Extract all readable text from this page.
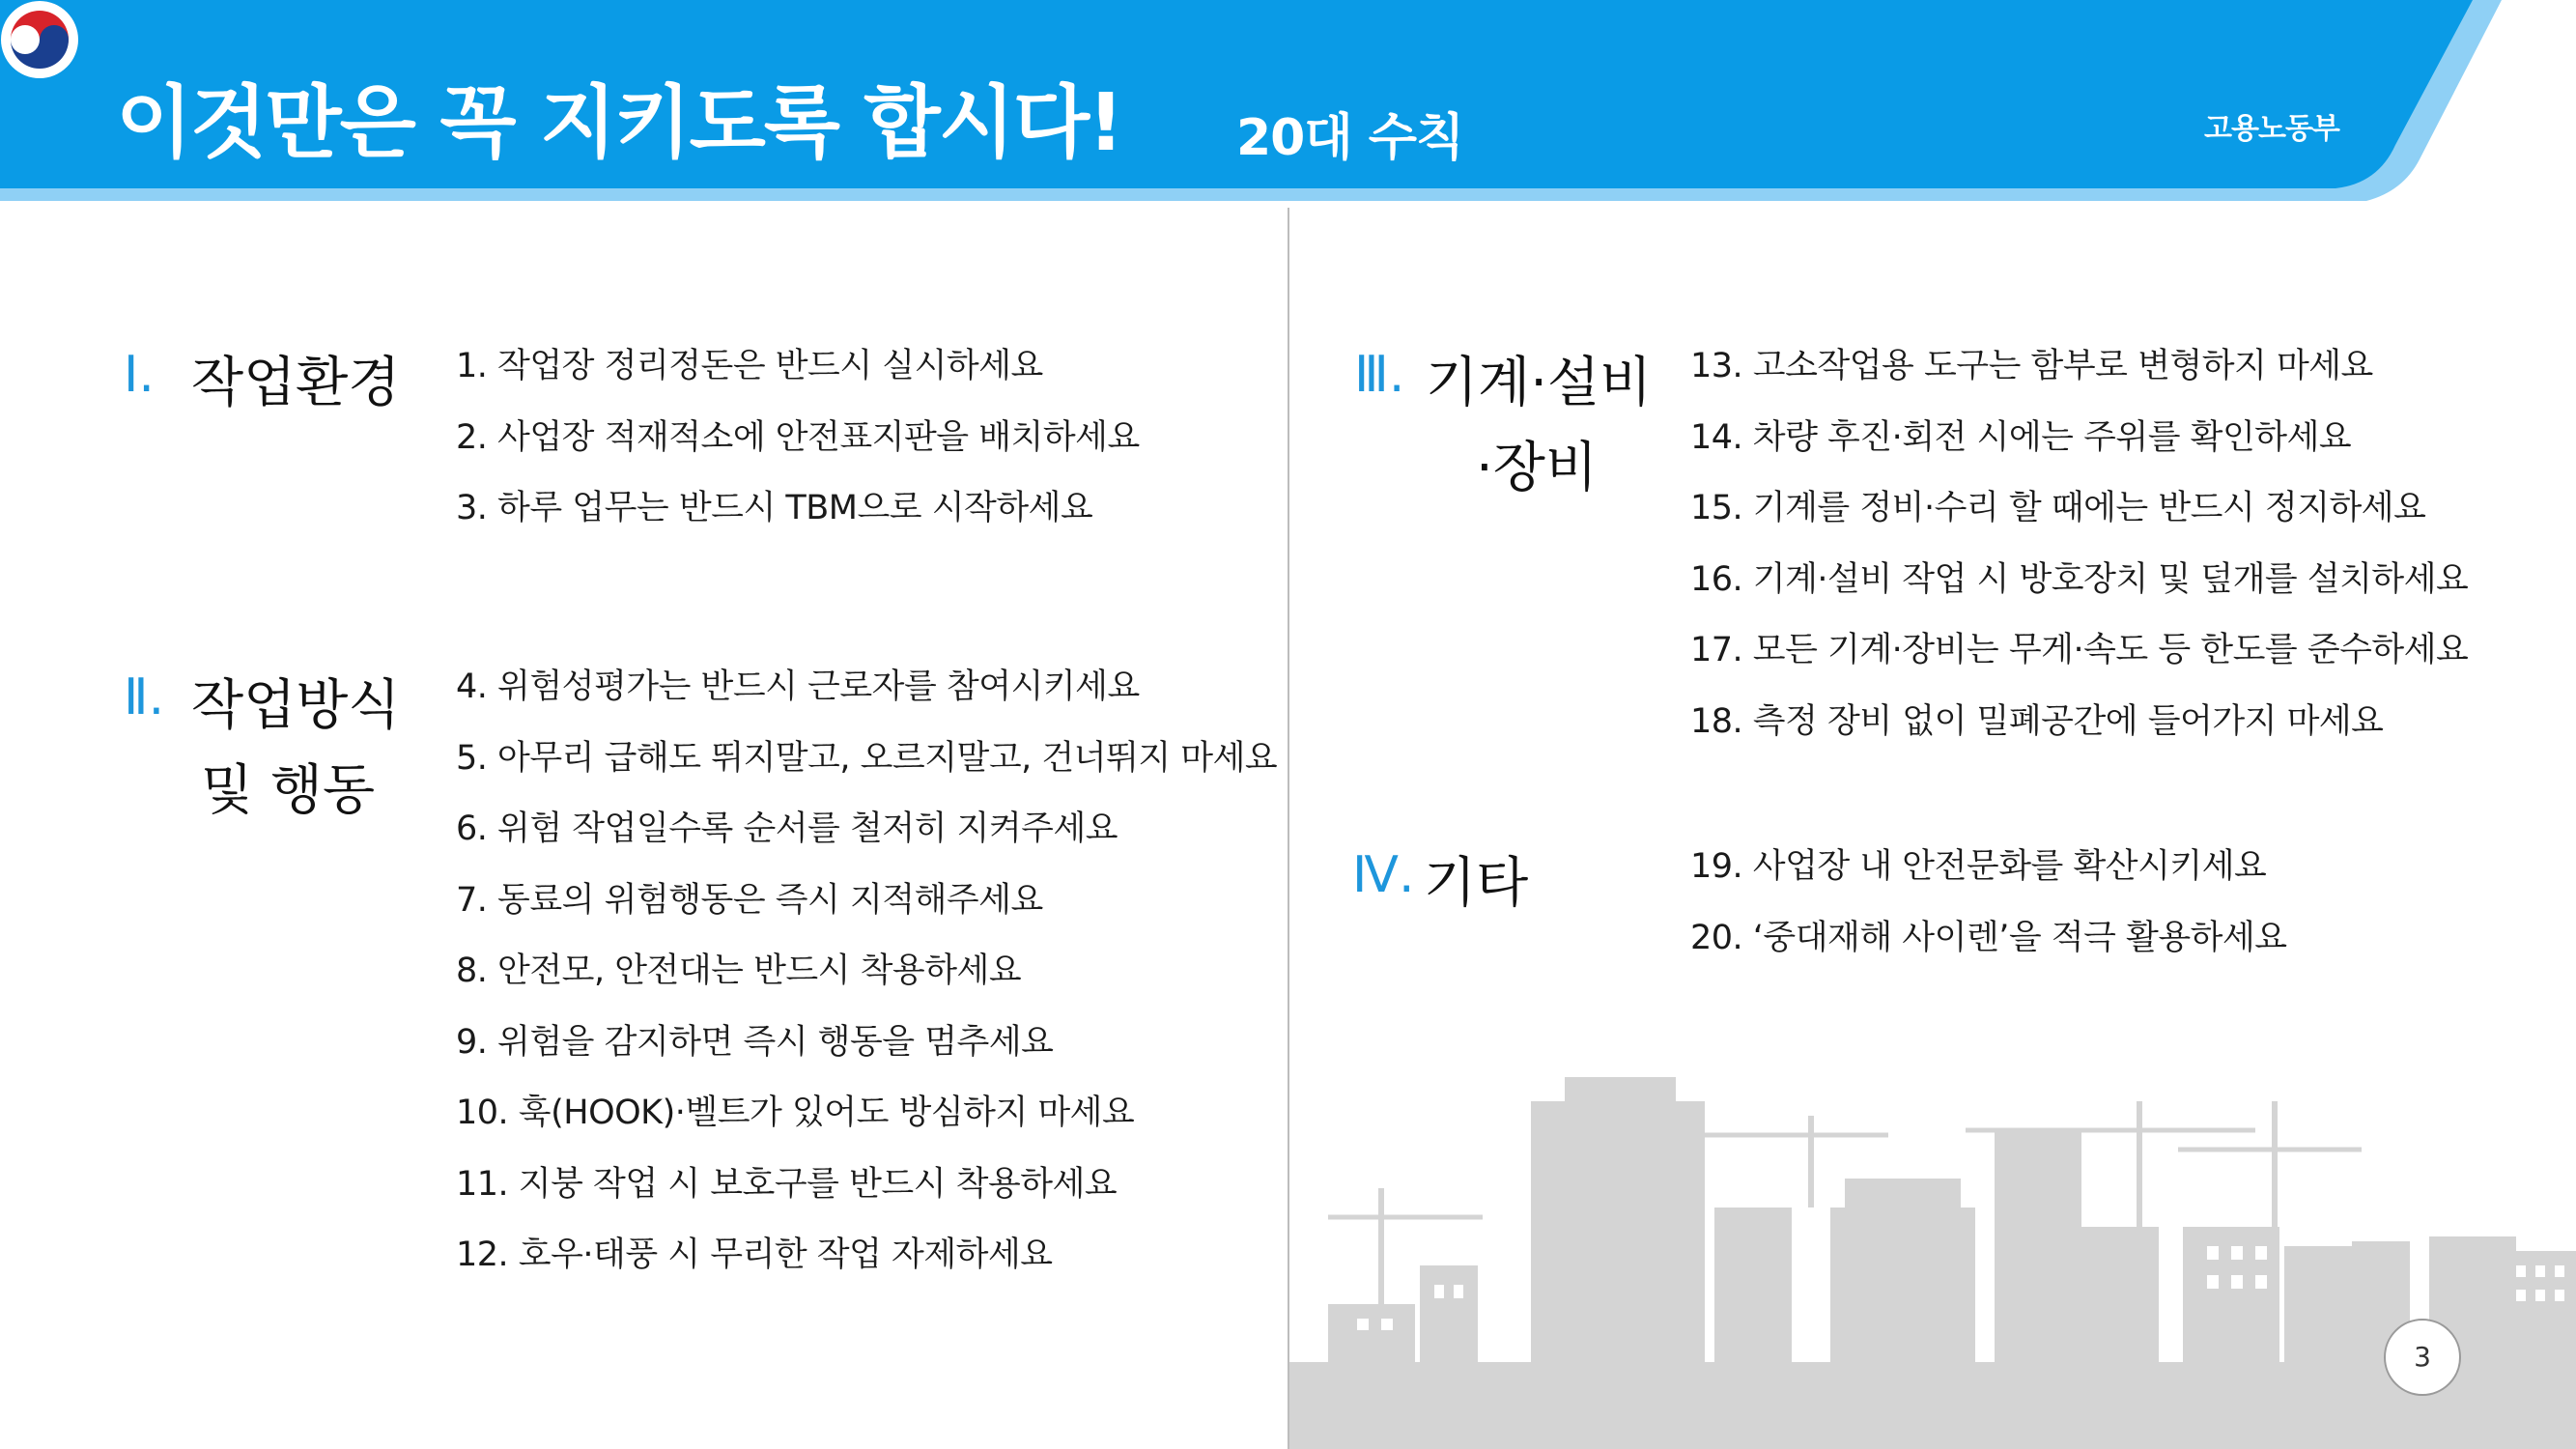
이것만은 꼭 지키도록 합시다! 20대 수칙	고용노동부
Ⅰ. 작업환경 1. 작업장 정리정돈은 반드시 실시하세요
2. 사업장 적재적소에 안전표지판을 배치하세요
3. 하루 업무는 반드시 TBM으로 시작하세요
Ⅱ. 작업방식
및 행동
4. 위험성평가는 반드시 근로자를 참여시키세요
5. 아무리 급해도 뛰지말고, 오르지말고, 건너뛰지 마세요
6. 위험 작업일수록 순서를 철저히 지켜주세요
7. 동료의 위험행동은 즉시 지적해주세요
8. 안전모, 안전대는 반드시 착용하세요
9. 위험을 감지하면 즉시 행동을 멈추세요
10. 훅(HOOK)·벨트가 있어도 방심하지 마세요
11. 지붕 작업 시 보호구를 반드시 착용하세요
12. 호우·태풍 시 무리한 작업 자제하세요
Ⅲ. 기계·설비
·장비
13. 고소작업용 도구는 함부로 변형하지 마세요
14. 차량 후진·회전 시에는 주위를 확인하세요
15. 기계를 정비·수리 할 때에는 반드시 정지하세요
16. 기계·설비 작업 시 방호장치 및 덮개를 설치하세요
17. 모든 기계·장비는 무게·속도 등 한도를 준수하세요
18. 측정 장비 없이 밀폐공간에 들어가지 마세요
Ⅳ. 기타	19. 사업장 내 안전문화를 확산시키세요
20. ‘중대재해 사이렌’을 적극 활용하세요
3
